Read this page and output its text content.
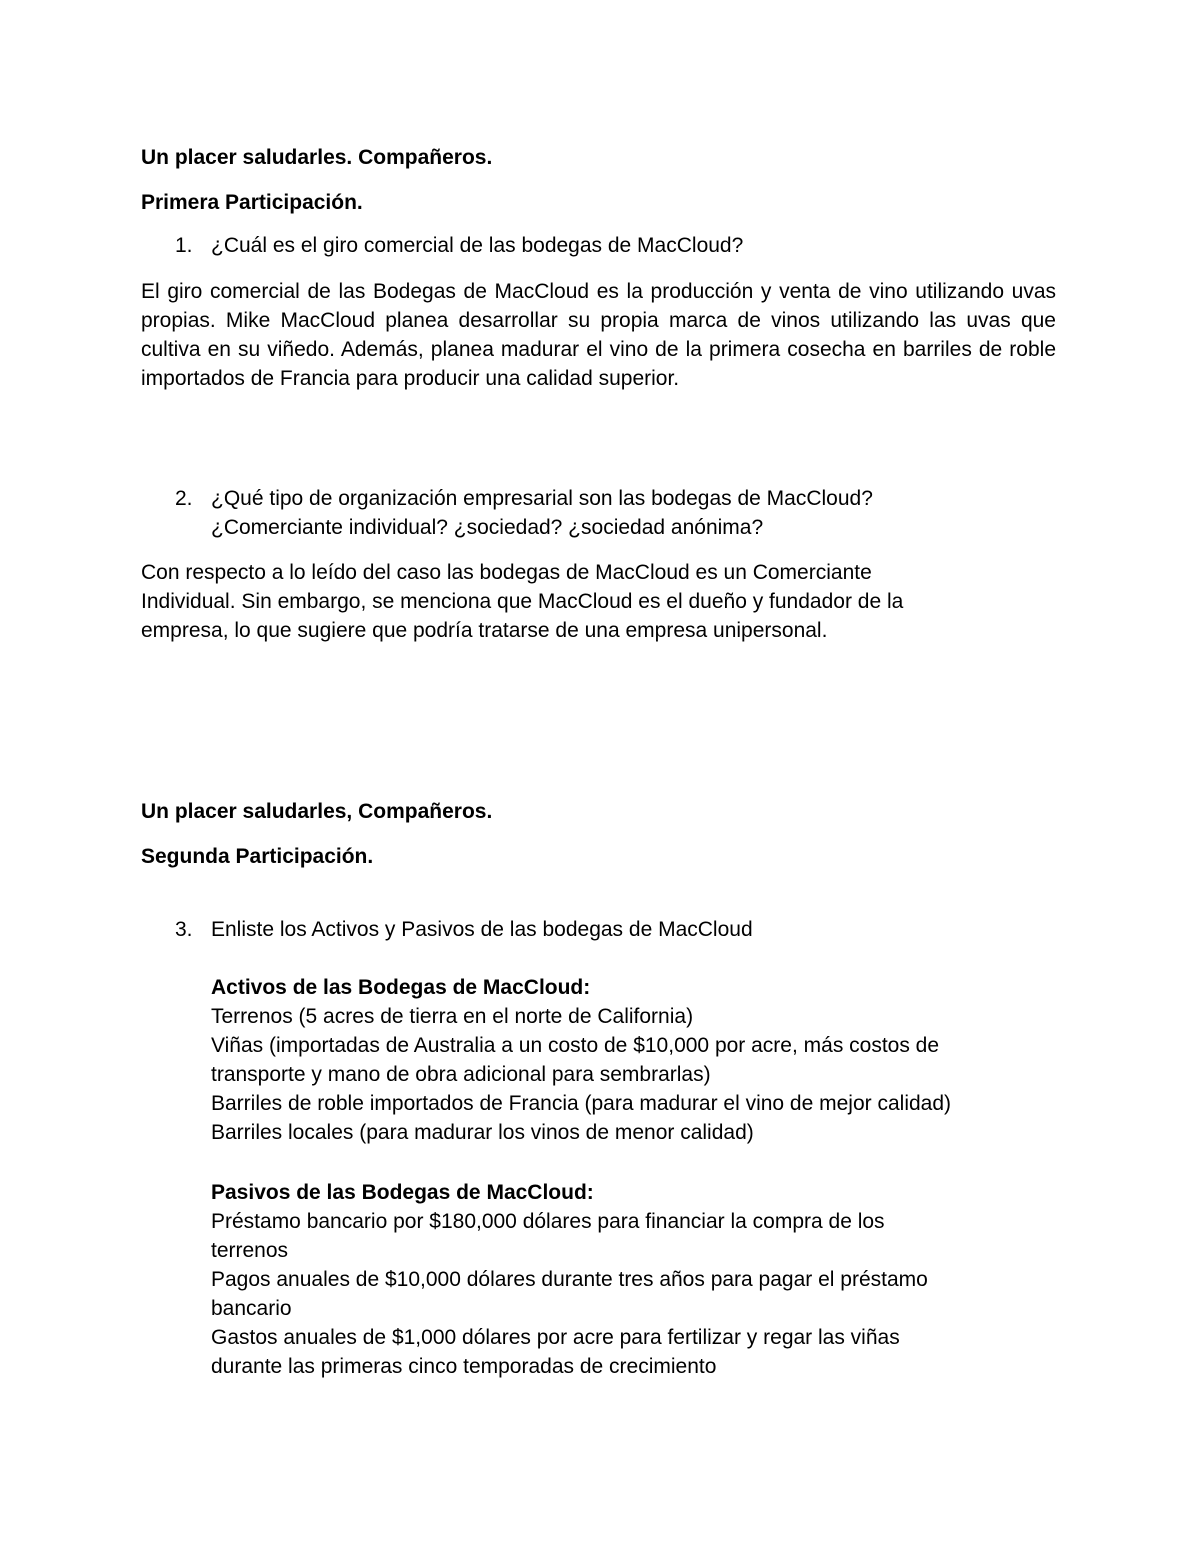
Un placer saludarles. Compañeros.
Primera Participación.
1. ¿Cuál es el giro comercial de las bodegas de MacCloud?
El giro comercial de las Bodegas de MacCloud es la producción y venta de vino utilizando uvas propias. Mike MacCloud planea desarrollar su propia marca de vinos utilizando las uvas que cultiva en su viñedo. Además, planea madurar el vino de la primera cosecha en barriles de roble importados de Francia para producir una calidad superior.
2. ¿Qué tipo de organización empresarial son las bodegas de MacCloud?
¿Comerciante individual? ¿sociedad? ¿sociedad anónima?
Con respecto a lo leído del caso las bodegas de MacCloud es un Comerciante
Individual. Sin embargo, se menciona que MacCloud es el dueño y fundador de la
empresa, lo que sugiere que podría tratarse de una empresa unipersonal.
Un placer saludarles, Compañeros.
Segunda Participación.
3. Enliste los Activos y Pasivos de las bodegas de MacCloud
Activos de las Bodegas de MacCloud:
Terrenos (5 acres de tierra en el norte de California)
Viñas (importadas de Australia a un costo de $10,000 por acre, más costos de
transporte y mano de obra adicional para sembrarlas)
Barriles de roble importados de Francia (para madurar el vino de mejor calidad)
Barriles locales (para madurar los vinos de menor calidad)
Pasivos de las Bodegas de MacCloud:
Préstamo bancario por $180,000 dólares para financiar la compra de los
terrenos
Pagos anuales de $10,000 dólares durante tres años para pagar el préstamo
bancario
Gastos anuales de $1,000 dólares por acre para fertilizar y regar las viñas
durante las primeras cinco temporadas de crecimiento
